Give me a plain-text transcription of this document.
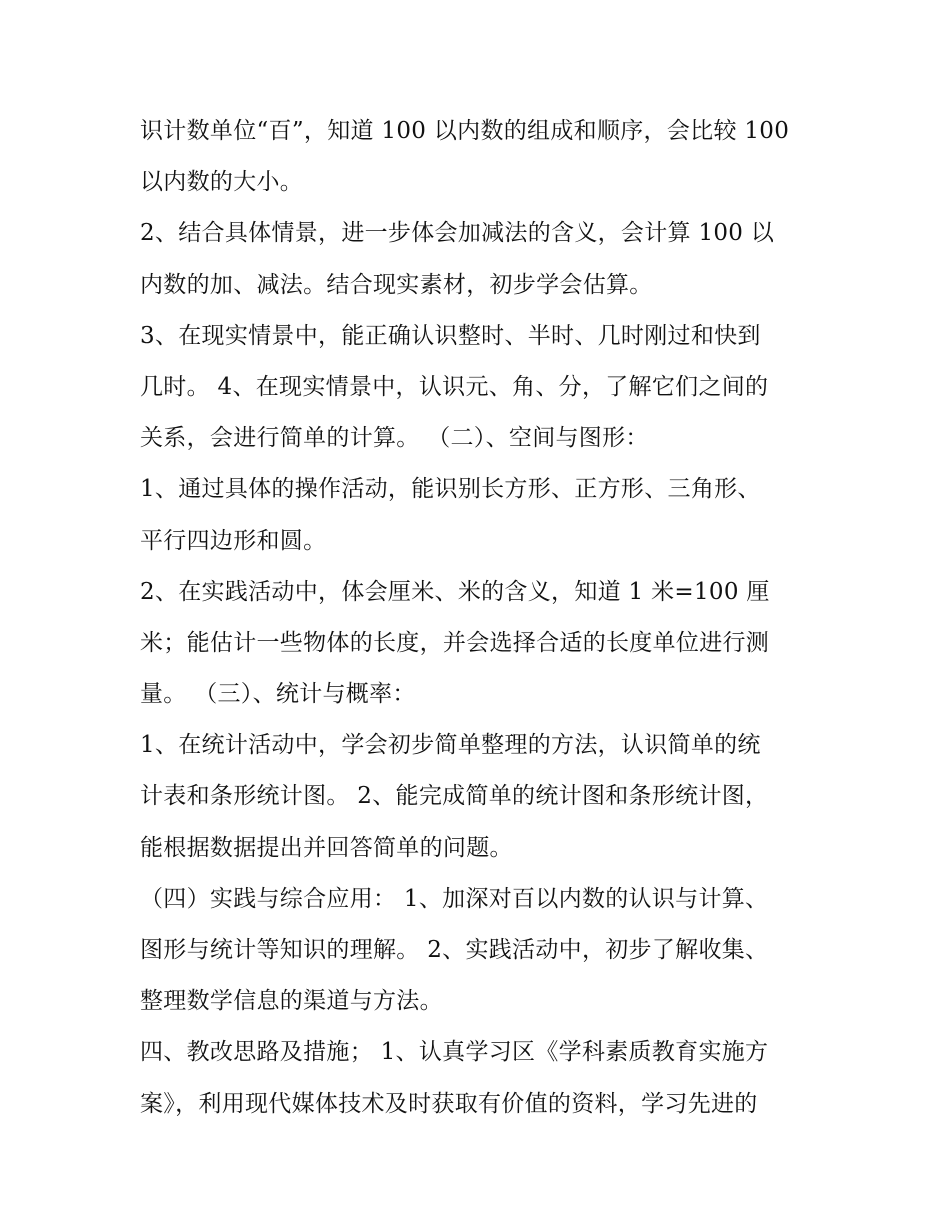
识计数单位“百”，知道 100 以内数的组成和顺序，会比较 100
以内数的大小。
2、结合具体情景，进一步体会加减法的含义，会计算 100 以
内数的加、减法。结合现实素材，初步学会估算。
3、在现实情景中，能正确认识整时、半时、几时刚过和快到
几时。 4、在现实情景中，认识元、角、分，了解它们之间的
关系，会进行简单的计算。 （二）、空间与图形：
1、通过具体的操作活动，能识别长方形、正方形、三角形、
平行四边形和圆。
2、在实践活动中，体会厘米、米的含义，知道 1 米=100 厘
米；能估计一些物体的长度，并会选择合适的长度单位进行测
量。 （三）、统计与概率：
1、在统计活动中，学会初步简单整理的方法，认识简单的统
计表和条形统计图。 2、能完成简单的统计图和条形统计图，
能根据数据提出并回答简单的问题。
（四）实践与综合应用： 1、加深对百以内数的认识与计算、
图形与统计等知识的理解。 2、实践活动中，初步了解收集、
整理数学信息的渠道与方法。
四、教改思路及措施； 1、认真学习区《学科素质教育实施方
案》，利用现代媒体技术及时获取有价值的资料，学习先进的
